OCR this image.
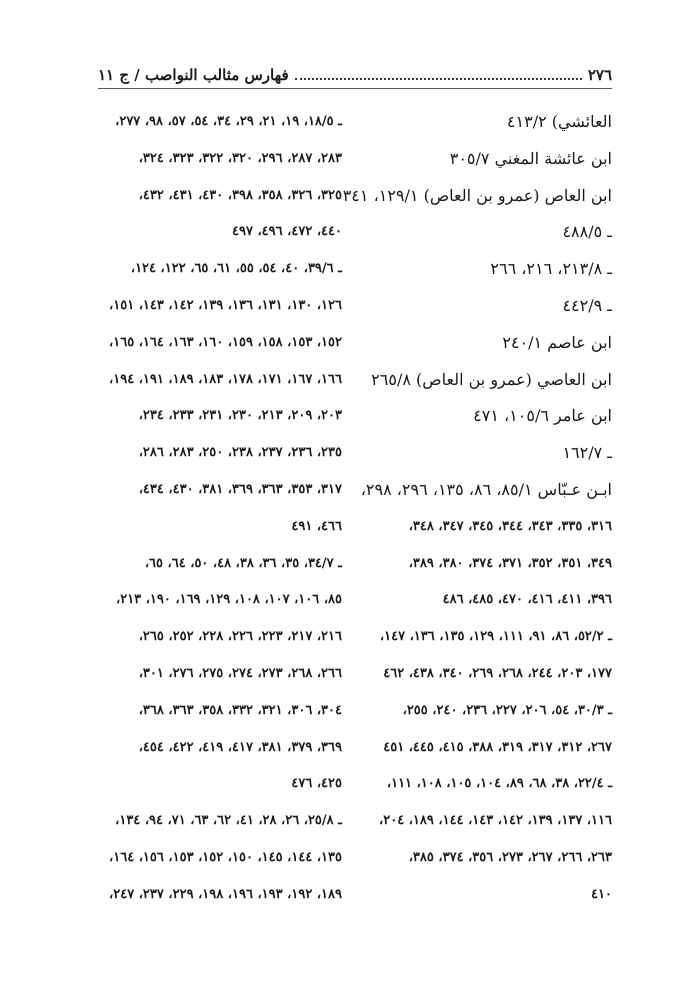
٢٧٦
فهارس مثالب النواصب / ج ١١
العائشي) ٤١٣/٢
ابن عائشة المغني ٣٠٥/٧
ابن العاص (عمرو بن العاص) ١٢٩/١، ٣٤١
ـ ٤٨٨/٥
ـ ٢١٣/٨، ٢١٦، ٢٦٦
ـ ٤٤٢/٩
ابن عاصم ٢٤٠/١
ابن العاصي (عمرو بن العاص) ٢٦٥/٨
ابن عامر ١٠٥/٦، ٤٧١
ـ ١٦٢/٧
ابـن عـبّاس ٨٥/١، ٨٦، ١٣٥، ٢٩٦، ٢٩٨،
٣١٦، ٣٣٥، ٣٤٣، ٣٤٤، ٣٤٥، ٣٤٧، ٣٤٨،
٣٤٩، ٣٥١، ٣٥٢، ٣٧١، ٣٧٤، ٣٨٠، ٣٨٩،
٣٩٦، ٤١١، ٤١٦، ٤٧٠، ٤٨٥، ٤٨٦
ـ ٥٢/٢، ٨٦، ٩١، ١١١، ١٢٩، ١٣٥، ١٣٦، ١٤٧،
١٧٧، ٢٠٣، ٢٤٤، ٢٦٨، ٢٦٩، ٣٤٠، ٤٣٨، ٤٦٢
ـ ٣٠/٣، ٥٤، ٢٠٦، ٢٢٧، ٢٣٦، ٢٤٠، ٢٥٥،
٢٦٧، ٣١٢، ٣١٧، ٣١٩، ٣٨٨، ٤١٥، ٤٤٥، ٤٥١
ـ ٢٢/٤، ٣٨، ٦٨، ٨٩، ١٠٤، ١٠٥، ١٠٨، ١١١،
١١٦، ١٣٧، ١٣٩، ١٤٢، ١٤٣، ١٤٤، ١٨٩، ٢٠٤،
٢٦٣، ٢٦٦، ٢٦٧، ٢٧٣، ٣٥٦، ٣٧٤، ٣٨٥،
٤١٠
ـ ١٨/٥، ١٩، ٢١، ٢٩، ٣٤، ٥٤، ٥٧، ٩٨، ٢٧٧،
٢٨٣، ٢٨٧، ٢٩٦، ٣٢٠، ٣٢٢، ٣٢٣، ٣٢٤،
٣٢٥، ٣٢٦، ٣٥٨، ٣٩٨، ٤٣٠، ٤٣١، ٤٣٢،
٤٤٠، ٤٧٢، ٤٩٦، ٤٩٧
ـ ٣٩/٦، ٤٠، ٥٤، ٥٥، ٦١، ٦٥، ١٢٢، ١٢٤،
١٢٦، ١٣٠، ١٣١، ١٣٦، ١٣٩، ١٤٢، ١٤٣، ١٥١،
١٥٢، ١٥٣، ١٥٨، ١٥٩، ١٦٠، ١٦٣، ١٦٤، ١٦٥،
١٦٦، ١٦٧، ١٧١، ١٧٨، ١٨٣، ١٨٩، ١٩١، ١٩٤،
٢٠٣، ٢٠٩، ٢١٣، ٢٣٠، ٢٣١، ٢٣٣، ٢٣٤،
٢٣٥، ٢٣٦، ٢٣٧، ٢٣٨، ٢٥٠، ٢٨٣، ٢٨٦،
٣١٧، ٣٥٣، ٣٦٣، ٣٦٩، ٣٨١، ٤٣٠، ٤٣٤،
٤٦٦، ٤٩١
ـ ٣٤/٧، ٣٥، ٣٦، ٣٨، ٤٨، ٥٠، ٦٤، ٦٥،
٨٥، ١٠٦، ١٠٧، ١٠٨، ١٢٩، ١٦٩، ١٩٠، ٢١٣،
٢١٦، ٢١٧، ٢٢٣، ٢٢٦، ٢٢٨، ٢٥٢، ٢٦٥،
٢٦٦، ٢٦٨، ٢٧٣، ٢٧٤، ٢٧٥، ٢٧٦، ٣٠١،
٣٠٤، ٣٠٦، ٣٢١، ٣٣٢، ٣٥٨، ٣٦٣، ٣٦٨،
٣٦٩، ٣٧٩، ٣٨١، ٤١٧، ٤١٩، ٤٢٢، ٤٥٤،
٤٢٥، ٤٧٦
ـ ٢٥/٨، ٢٦، ٢٨، ٤١، ٦٢، ٦٣، ٧١، ٩٤، ١٣٤،
١٣٥، ١٤٤، ١٤٥، ١٥٠، ١٥٢، ١٥٣، ١٥٦، ١٦٤،
١٨٩، ١٩٢، ١٩٣، ١٩٦، ١٩٨، ٢٢٩، ٢٣٧، ٢٤٧،
